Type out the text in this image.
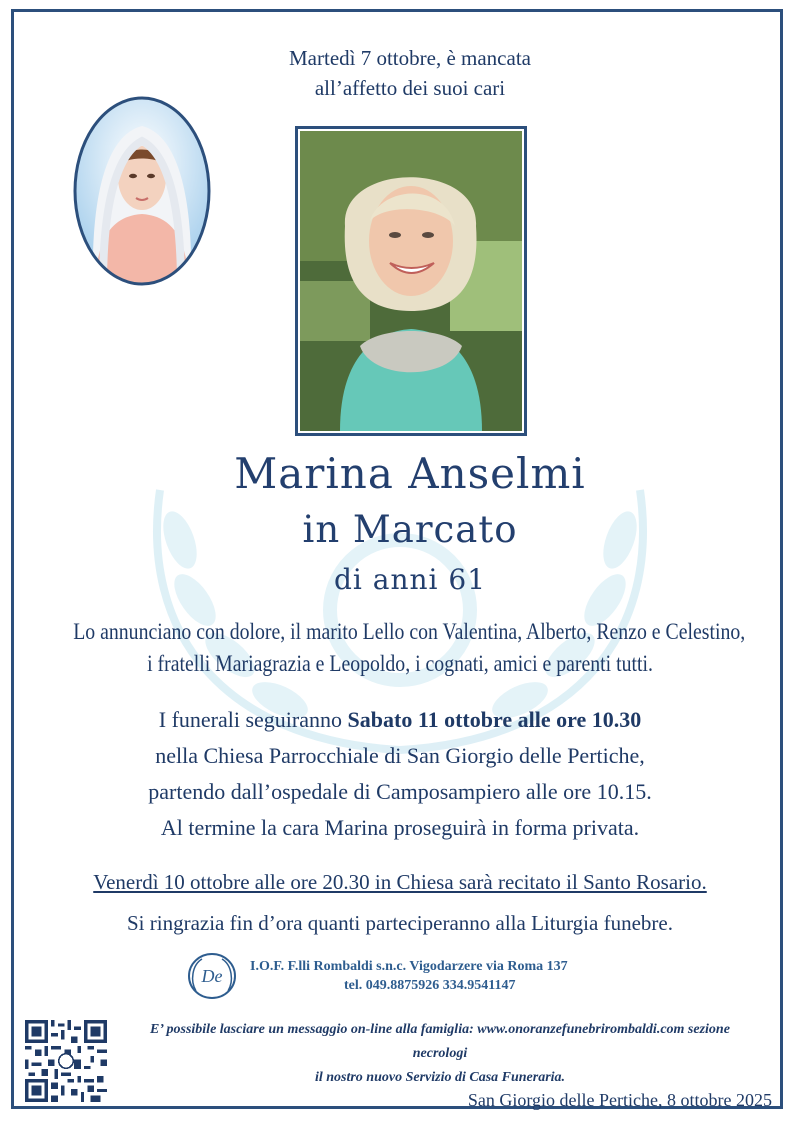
Martedì 7 ottobre, è mancata
all’affetto dei suoi cari
Marina Anselmi
in Marcato
di anni 61
Lo annunciano con dolore, il marito Lello con Valentina, Alberto, Renzo e Celestino,
i fratelli Mariagrazia e Leopoldo, i cognati, amici e parenti tutti.
I funerali seguiranno Sabato 11 ottobre alle ore 10.30
nella Chiesa Parrocchiale di San Giorgio delle Pertiche,
partendo dall’ospedale di Camposampiero alle ore 10.15.
Al termine la cara Marina proseguirà in forma privata.
Venerdì 10 ottobre alle ore 20.30 in Chiesa sarà recitato il Santo Rosario.
Si ringrazia fin d’ora quanti parteciperanno alla Liturgia funebre.
De I.O.F. F.lli Rombaldi s.n.c. Vigodarzere via Roma 137
tel. 049.8875926 334.9541147
E’ possibile lasciare un messaggio on-line alla famiglia: www.onoranzefunebrirombaldi.com sezione necrologi
il nostro nuovo Servizio di Casa Funeraria.
San Giorgio delle Pertiche, 8 ottobre 2025
